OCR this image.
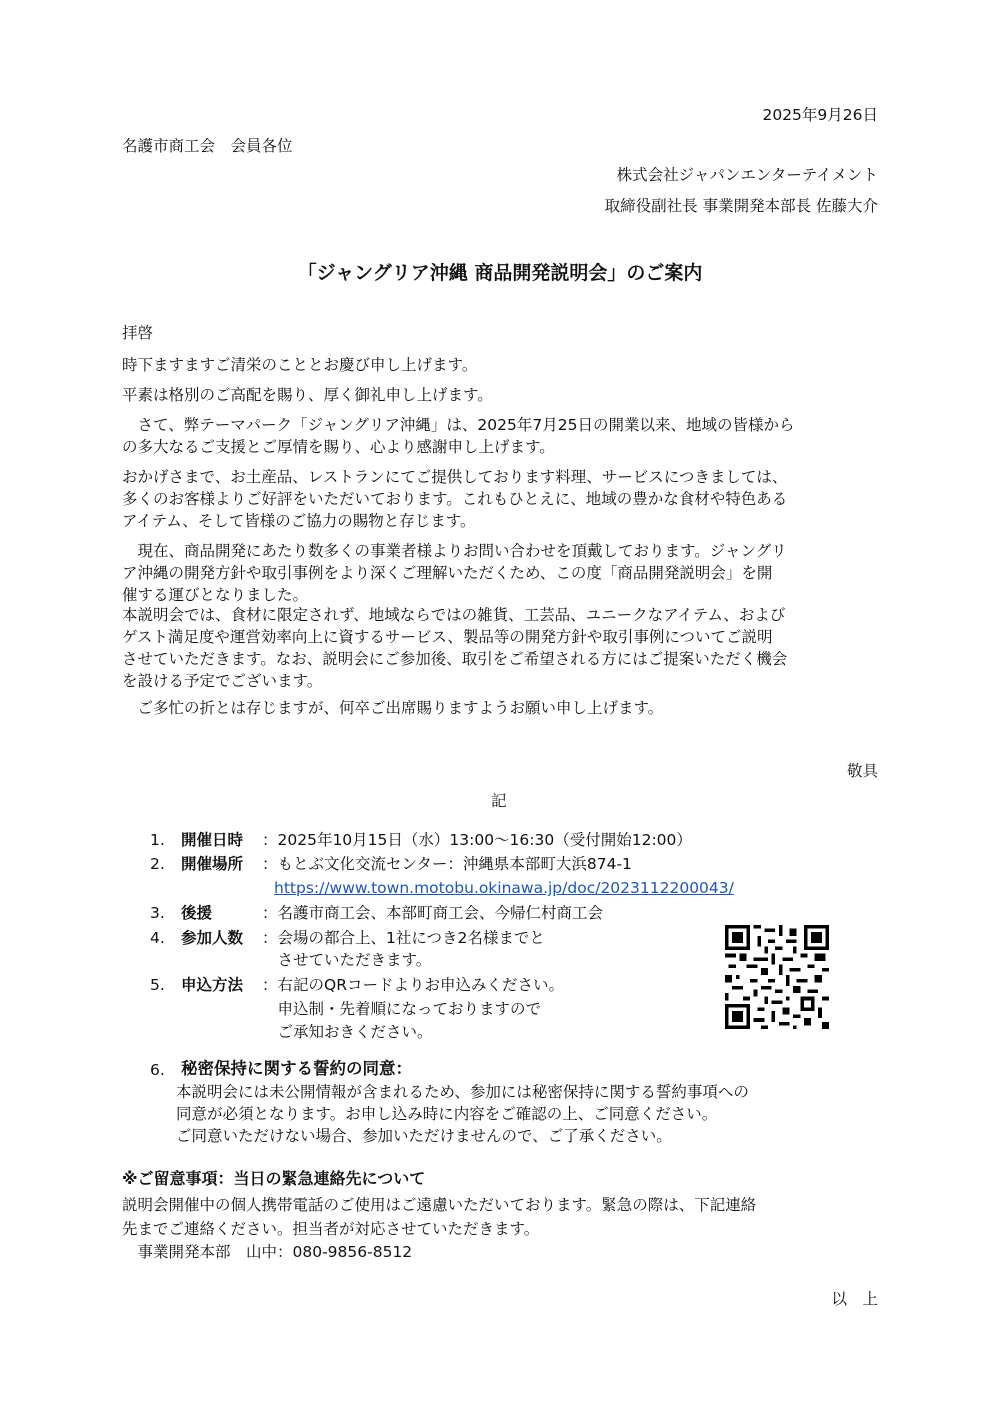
2025年9月26日
名護市商工会　会員各位
株式会社ジャパンエンターテイメント
取締役副社長 事業開発本部長 佐藤大介
「ジャングリア沖縄 商品開発説明会」のご案内
拝啓
時下ますますご清栄のこととお慶び申し上げます。
平素は格別のご高配を賜り、厚く御礼申し上げます。
　さて、弊テーマパーク「ジャングリア沖縄」は、2025年7月25日の開業以来、地域の皆様から
の多大なるご支援とご厚情を賜り、心より感謝申し上げます。
おかげさまで、お土産品、レストランにてご提供しております料理、サービスにつきましては、
多くのお客様よりご好評をいただいております。これもひとえに、地域の豊かな食材や特色ある
アイテム、そして皆様のご協力の賜物と存じます。
　現在、商品開発にあたり数多くの事業者様よりお問い合わせを頂戴しております。ジャングリ
ア沖縄の開発方針や取引事例をより深くご理解いただくため、この度「商品開発説明会」を開
催する運びとなりました。
本説明会では、食材に限定されず、地域ならではの雑貨、工芸品、ユニークなアイテム、および
ゲスト満足度や運営効率向上に資するサービス、製品等の開発方針や取引事例についてご説明
させていただきます。なお、説明会にご参加後、取引をご希望される方にはご提案いただく機会
を設ける予定でございます。
　ご多忙の折とは存じますが、何卒ご出席賜りますようお願い申し上げます。
敬具
記
1. 開催日時 ：2025年10月15日（水）13:00〜16:30（受付開始12:00）
2. 開催場所 ：もとぶ文化交流センター：沖縄県本部町大浜874‐1
https://www.town.motobu.okinawa.jp/doc/2023112200043/
3. 後援	：名護市商工会、本部町商工会、今帰仁村商工会
4. 参加人数 ：会場の都合上、1社につき2名様までと
　させていただきます。
5. 申込方法 ：右記のQRコードよりお申込みください。
　申込制・先着順になっておりますので
　ご承知おきください。
6. 秘密保持に関する誓約の同意：
本説明会には未公開情報が含まれるため、参加には秘密保持に関する誓約事項への
同意が必須となります。お申し込み時に内容をご確認の上、ご同意ください。
ご同意いただけない場合、参加いただけませんので、ご了承ください。
※ご留意事項：当日の緊急連絡先について
説明会開催中の個人携帯電話のご使用はご遠慮いただいております。緊急の際は、下記連絡
先までご連絡ください。担当者が対応させていただきます。
　事業開発本部　山中：080-9856-8512
以　上
